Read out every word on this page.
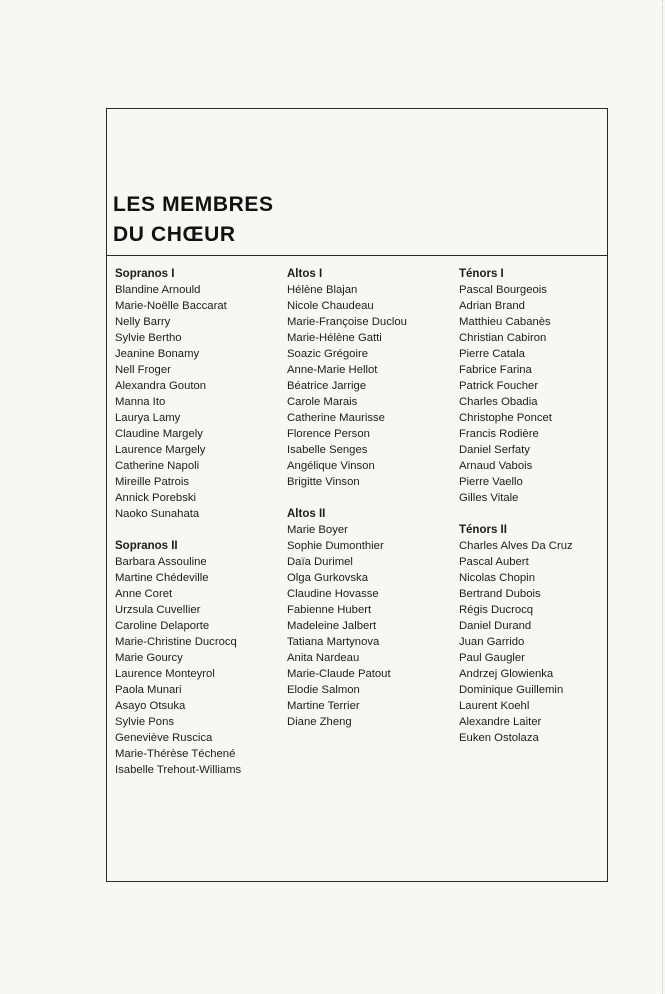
LES MEMBRES
DU CHŒUR
Sopranos I
Blandine Arnould
Marie-Noëlle Baccarat
Nelly Barry
Sylvie Bertho
Jeanine Bonamy
Nell Froger
Alexandra Gouton
Manna Ito
Laurya Lamy
Claudine Margely
Laurence Margely
Catherine Napoli
Mireille Patrois
Annick Porebski
Naoko Sunahata
Sopranos II
Barbara Assouline
Martine Chédeville
Anne Coret
Urzsula Cuvellier
Caroline Delaporte
Marie-Christine Ducrocq
Marie Gourcy
Laurence Monteyrol
Paola Munari
Asayo Otsuka
Sylvie Pons
Geneviève Ruscica
Marie-Thérèse Téchené
Isabelle Trehout-Williams
Altos I
Hélène Blajan
Nicole Chaudeau
Marie-Françoise Duclou
Marie-Hélène Gatti
Soazic Grégoire
Anne-Marie Hellot
Béatrice Jarrige
Carole Marais
Catherine Maurisse
Florence Person
Isabelle Senges
Angélique Vinson
Brigitte Vinson
Altos II
Marie Boyer
Sophie Dumonthier
Daïa Durimel
Olga Gurkovska
Claudine Hovasse
Fabienne Hubert
Madeleine Jalbert
Tatiana Martynova
Anita Nardeau
Marie-Claude Patout
Elodie Salmon
Martine Terrier
Diane Zheng
Ténors I
Pascal Bourgeois
Adrian Brand
Matthieu Cabanès
Christian Cabiron
Pierre Catala
Fabrice Farina
Patrick Foucher
Charles Obadia
Christophe Poncet
Francis Rodière
Daniel Serfaty
Arnaud Vabois
Pierre Vaello
Gilles Vitale
Ténors II
Charles Alves Da Cruz
Pascal Aubert
Nicolas Chopin
Bertrand Dubois
Régis Ducrocq
Daniel Durand
Juan Garrido
Paul Gaugler
Andrzej Glowienka
Dominique Guillemin
Laurent Koehl
Alexandre Laiter
Euken Ostolaza
